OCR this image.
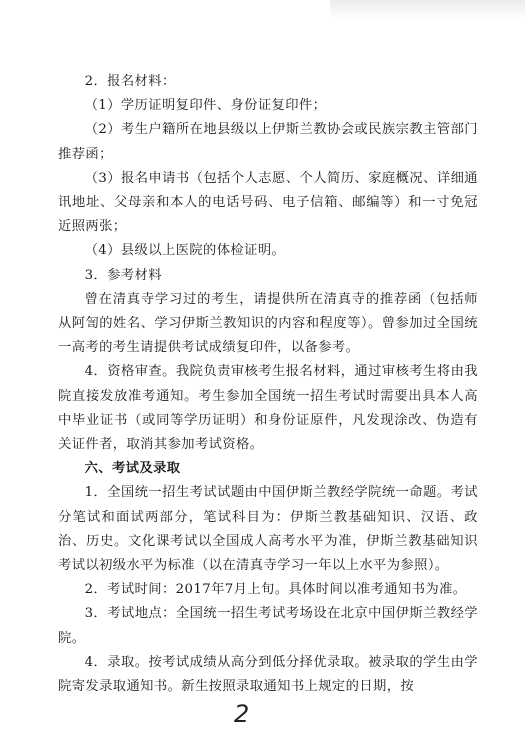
2．报名材料：

（1）学历证明复印件、身份证复印件；

（2）考生户籍所在地县级以上伊斯兰教协会或民族宗教主管部门推荐函；

（3）报名申请书（包括个人志愿、个人简历、家庭概况、详细通讯地址、父母亲和本人的电话号码、电子信箱、邮编等）和一寸免冠近照两张；

（4）县级以上医院的体检证明。

3．参考材料

曾在清真寺学习过的考生，请提供所在清真寺的推荐函（包括师从阿訇的姓名、学习伊斯兰教知识的内容和程度等）。曾参加过全国统一高考的考生请提供考试成绩复印件，以备参考。

4．资格审查。我院负责审核考生报名材料，通过审核考生将由我院直接发放准考通知。考生参加全国统一招生考试时需要出具本人高中毕业证书（或同等学历证明）和身份证原件，凡发现涂改、伪造有关证件者，取消其参加考试资格。

六、考试及录取

1．全国统一招生考试试题由中国伊斯兰教经学院统一命题。考试分笔试和面试两部分，笔试科目为：伊斯兰教基础知识、汉语、政治、历史。文化课考试以全国成人高考水平为准，伊斯兰教基础知识考试以初级水平为标准（以在清真寺学习一年以上水平为参照）。

2．考试时间：2017年7月上旬。具体时间以准考通知书为准。

3．考试地点：全国统一招生考试考场设在北京中国伊斯兰教经学院。

4．录取。按考试成绩从高分到低分择优录取。被录取的学生由学院寄发录取通知书。新生按照录取通知书上规定的日期，按

2
